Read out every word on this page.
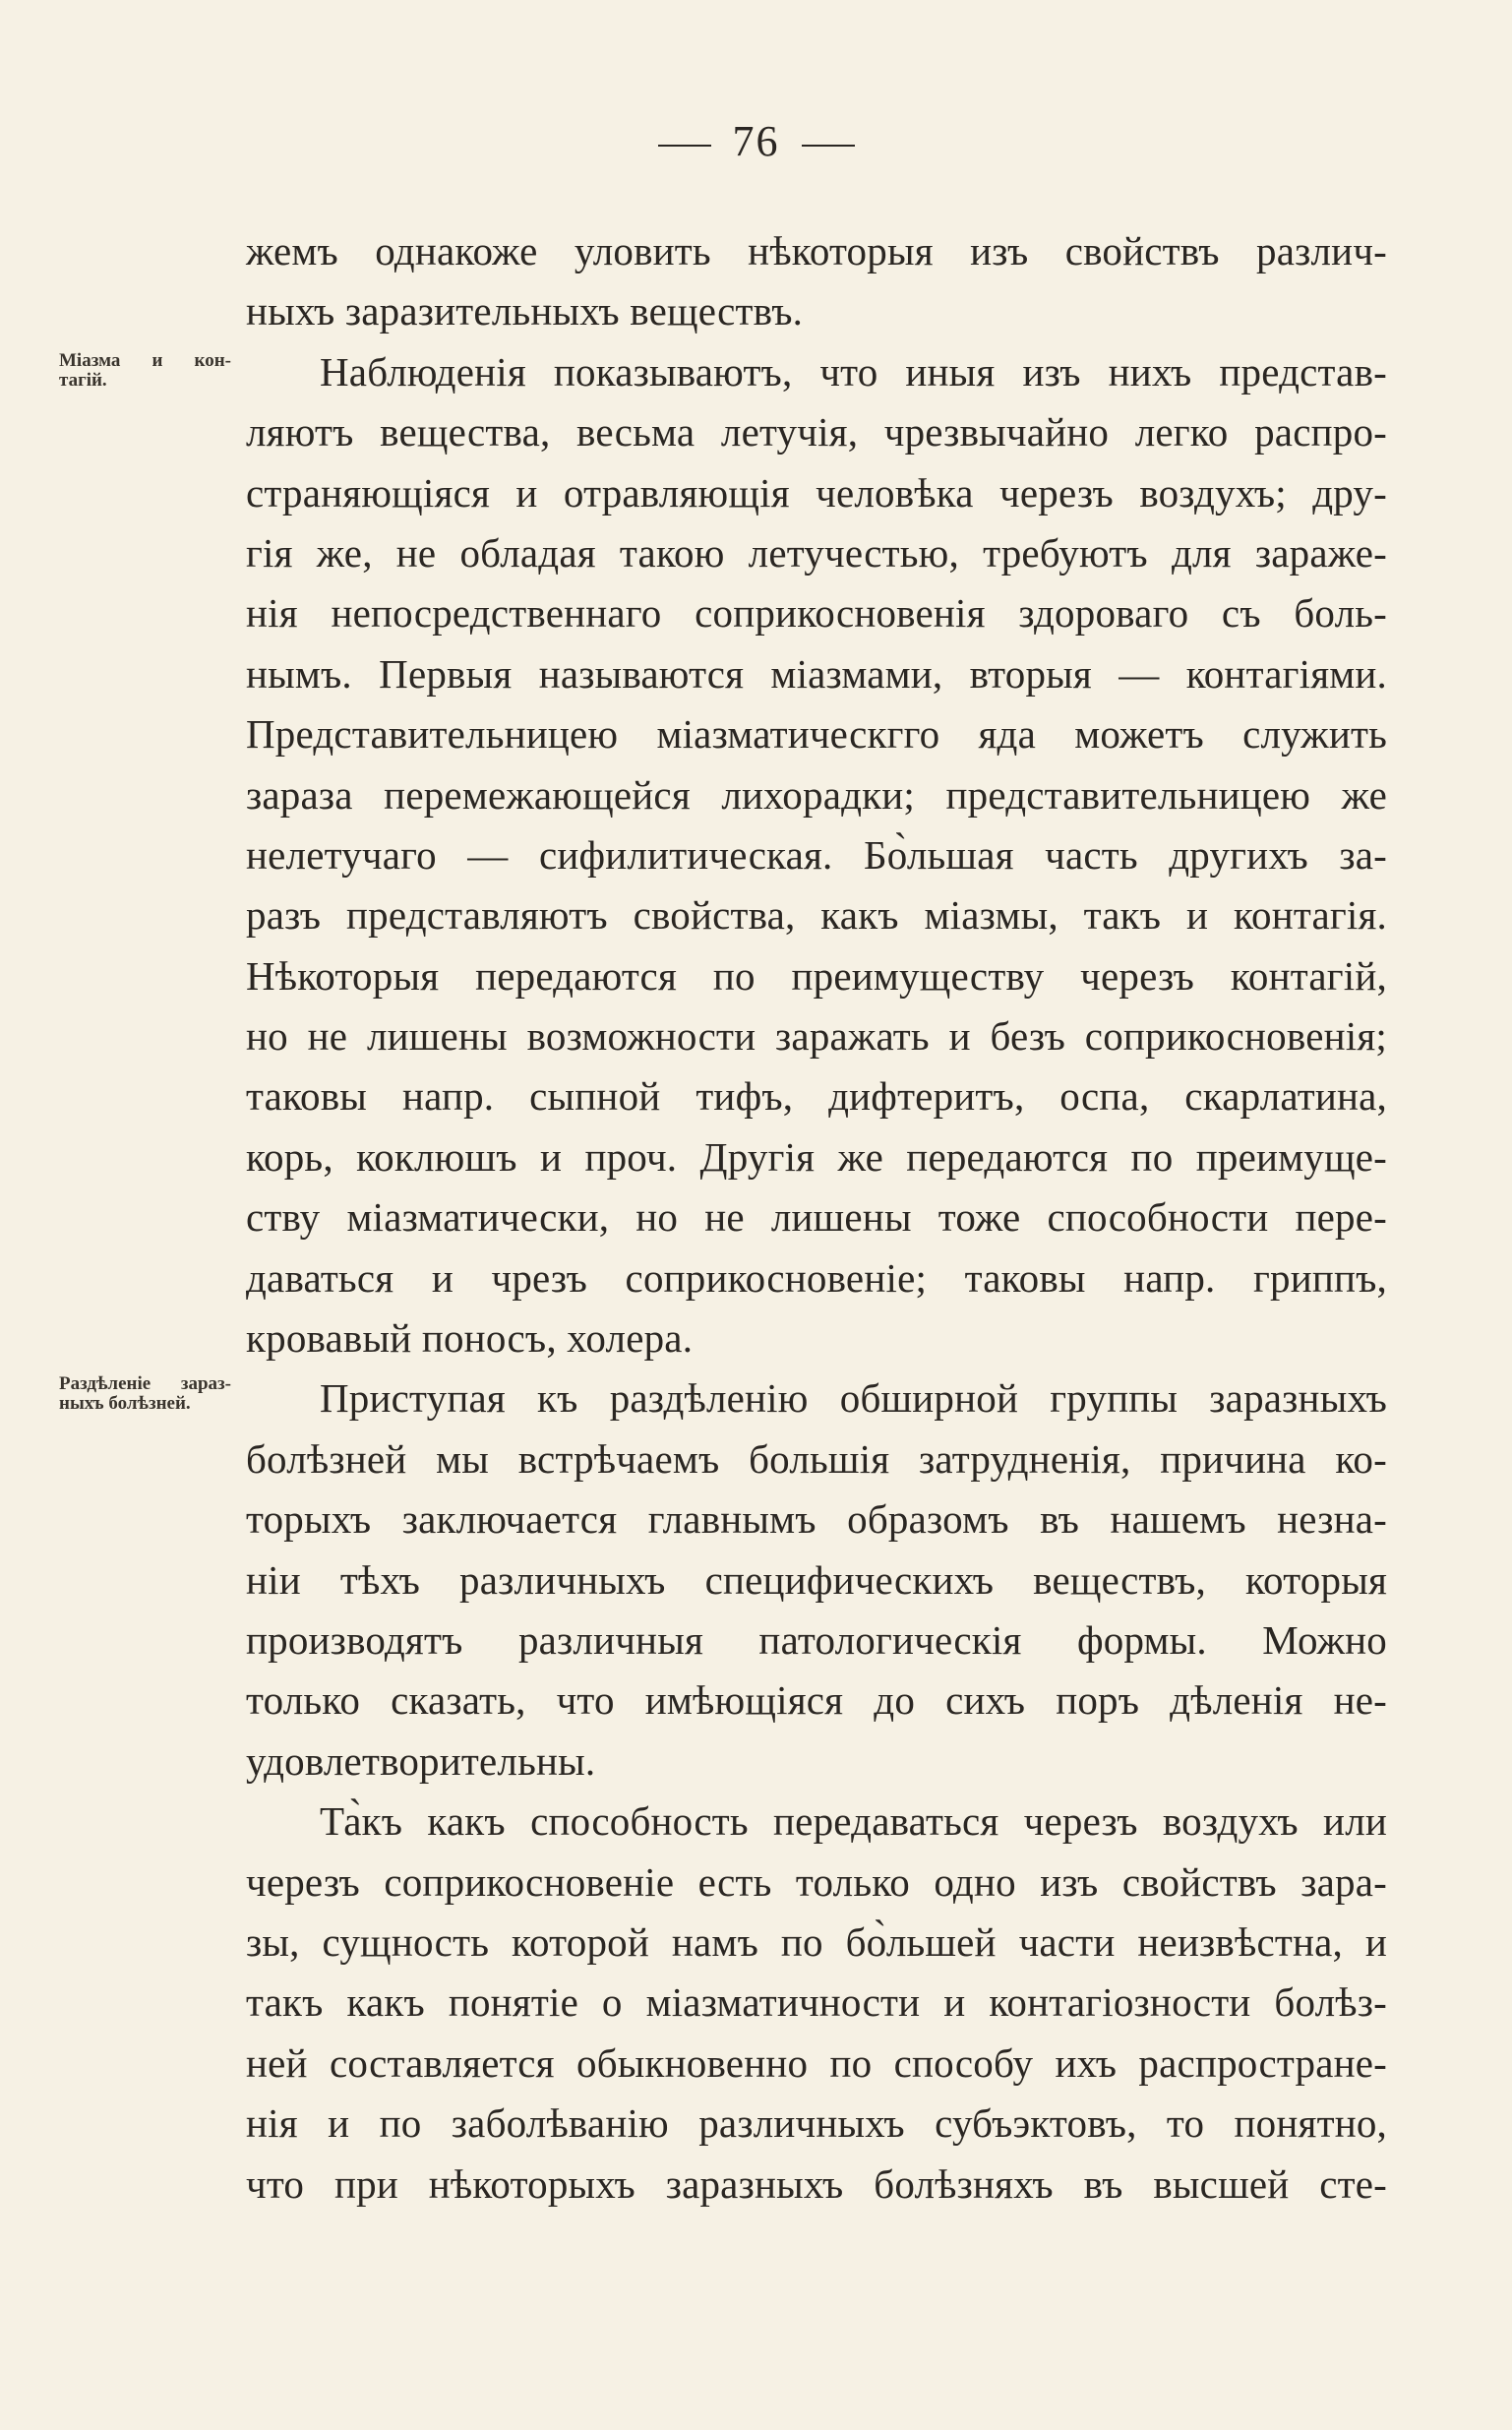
76
Міазма и кон-
тагій.
Раздѣленіе зараз-
ныхъ болѣзней.
жемъ однакоже уловить нѣкоторыя изъ свойствъ различ-
ныхъ заразительныхъ веществъ.
Наблюденія показываютъ, что иныя изъ нихъ представ-
ляютъ вещества, весьма летучія, чрезвычайно легко распро-
страняющіяся и отравляющія человѣка черезъ воздухъ; дру-
гія же, не обладая такою летучестью, требуютъ для зараже-
нія непосредственнаго соприкосновенія здороваго съ боль-
нымъ. Первыя называются міазмами, вторыя — контагіями.
Представительницею міазматическгго яда можетъ служить
зараза перемежающейся лихорадки; представительницею же
нелетучаго — сифилитическая. Бо̀льшая часть другихъ за-
разъ представляютъ свойства, какъ міазмы, такъ и контагія.
Нѣкоторыя передаются по преимуществу черезъ контагій,
но не лишены возможности заражать и безъ соприкосновенія;
таковы напр. сыпной тифъ, дифтеритъ, оспа, скарлатина,
корь, коклюшъ и проч. Другія же передаются по преимуще-
ству міазматически, но не лишены тоже способности пере-
даваться и чрезъ соприкосновеніе; таковы напр. гриппъ,
кровавый поносъ, холера.
Приступая къ раздѣленію обширной группы заразныхъ
болѣзней мы встрѣчаемъ большія затрудненія, причина ко-
торыхъ заключается главнымъ образомъ въ нашемъ незна-
ніи тѣхъ различныхъ специфическихъ веществъ, которыя
производятъ различныя патологическія формы. Можно
только сказать, что имѣющіяся до сихъ поръ дѣленія не-
удовлетворительны.
Та̀къ какъ способность передаваться черезъ воздухъ или
черезъ соприкосновеніе есть только одно изъ свойствъ зара-
зы, сущность которой намъ по бо̀льшей части неизвѣстна, и
такъ какъ понятіе о міазматичности и контагіозности болѣз-
ней составляется обыкновенно по способу ихъ распростране-
нія и по заболѣванію различныхъ субъэктовъ, то понятно,
что при нѣкоторыхъ заразныхъ болѣзняхъ въ высшей сте-
